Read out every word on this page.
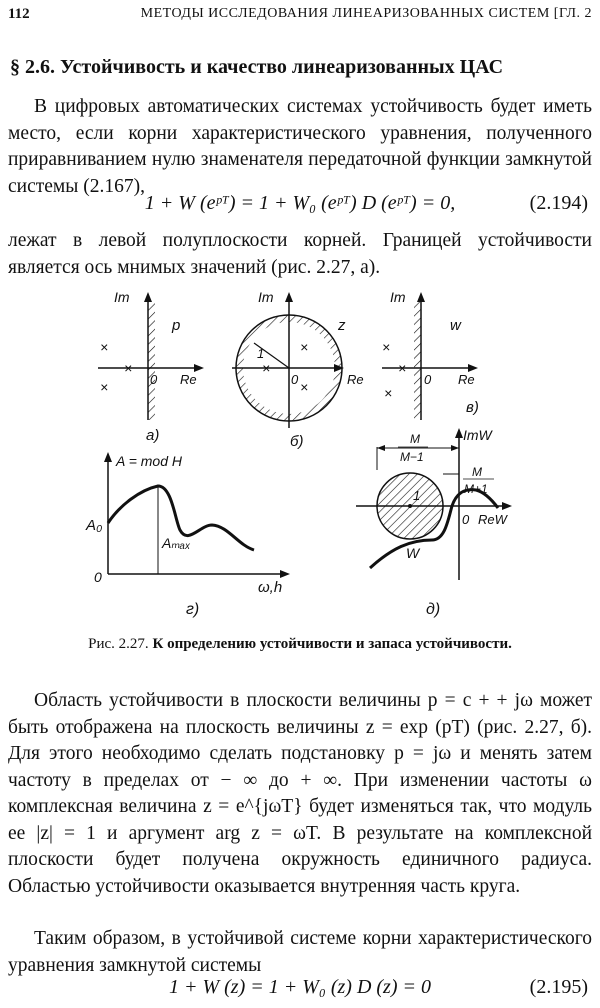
112	МЕТОДЫ ИССЛЕДОВАНИЯ ЛИНЕАРИЗОВАННЫХ СИСТЕМ [ГЛ. 2
§ 2.6. Устойчивость и качество линеаризованных ЦАС
В цифровых автоматических системах устойчивость будет иметь место, если корни характеристического уравнения, полученного приравниванием нулю знаменателя передаточной функции замкнутой системы (2.167),
1 + W (eᵖᵀ) = 1 + W₀ (eᵖᵀ) D (eᵖᵀ) = 0,	(2.194)
лежат в левой полуплоскости корней. Границей устойчивости является ось мнимых значений (рис. 2.27, а).
Im
Re
p
0
×
×
×
а)
Im
Re
z
0
1	×
×
×
б)
Im
Re
w
0
×
×
×
в)
A = mod H
A₀
Aₘₐₓ
0
ω,h
г)
ImW
ReW
1
0
W
M
M−1
M
M+1
д)
Рис. 2.27. К определению устойчивости и запаса устойчивости.
Область устойчивости в плоскости величины p = c + + jω может быть отображена на плоскость величины z = exp (pT) (рис. 2.27, б). Для этого необходимо сделать подстановку p = jω и менять затем частоту в пределах от − ∞ до + ∞. При изменении частоты ω комплексная величина z = e^{jωT} будет изменяться так, что модуль ее |z| = 1 и аргумент arg z = ωT. В результате на комплексной плоскости будет получена окружность единичного радиуса. Областью устойчивости оказывается внутренняя часть круга.
Таким образом, в устойчивой системе корни характеристического уравнения замкнутой системы
1 + W (z) = 1 + W₀ (z) D (z) = 0	(2.195)
